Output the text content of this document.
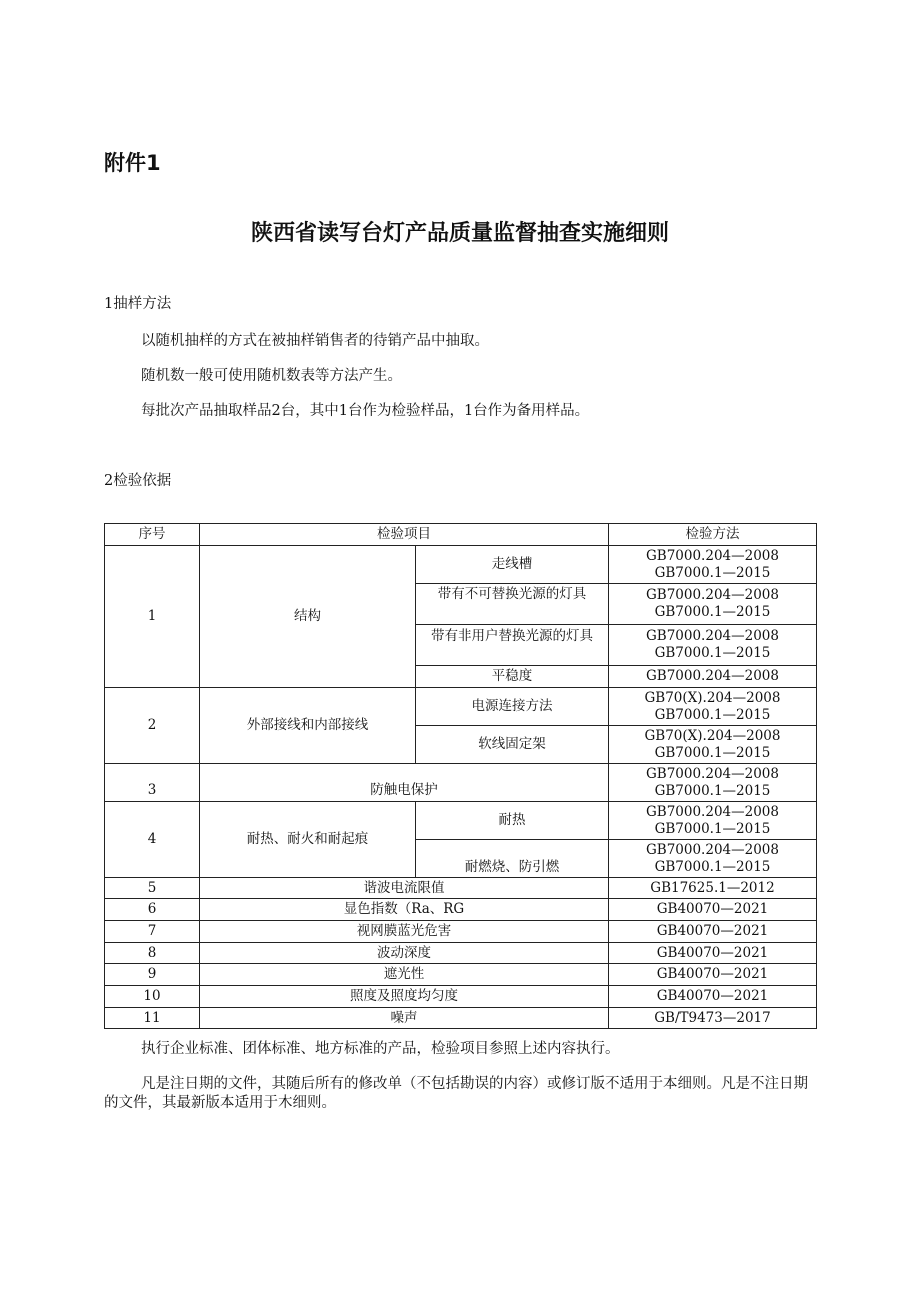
附件1
陕西省读写台灯产品质量监督抽查实施细则
1抽样方法
以随机抽样的方式在被抽样销售者的待销产品中抽取。
随机数一般可使用随机数表等方法产生。
每批次产品抽取样品2台，其中1台作为检验样品，1台作为备用样品。
2检验依据
序号	检验项目		检验方法
1	结构	走线槽	GB7000.204—2008
GB7000.1—2015
		带有不可替换光源的灯具	GB7000.204—2008
GB7000.1—2015
		带有非用户替换光源的灯具	GB7000.204—2008
GB7000.1—2015
		平稳度	GB7000.204—2008
2	外部接线和内部接线	电源连接方法	GB70(X).204—2008
GB7000.1—2015
		软线固定架	GB70(X).204—2008
GB7000.1—2015
3	防触电保护		GB7000.204—2008
GB7000.1—2015
4	耐热、耐火和耐起痕	耐热	GB7000.204—2008
GB7000.1—2015
		耐燃烧、防引燃	GB7000.204—2008
GB7000.1—2015
5	谐波电流限值		GB17625.1—2012
6	显色指数（Ra、RG		GB40070—2021
7	视网膜蓝光危害		GB40070—2021
8	波动深度		GB40070—2021
9	遮光性		GB40070—2021
10	照度及照度均匀度		GB40070—2021
11	噪声		GB/T9473—2017
执行企业标准、团体标准、地方标准的产品，检验项目参照上述内容执行。
凡是注日期的文件，其随后所有的修改单（不包括勘误的内容）或修订版不适用于本细则。凡是不注日期的文件，其最新版本适用于木细则。
